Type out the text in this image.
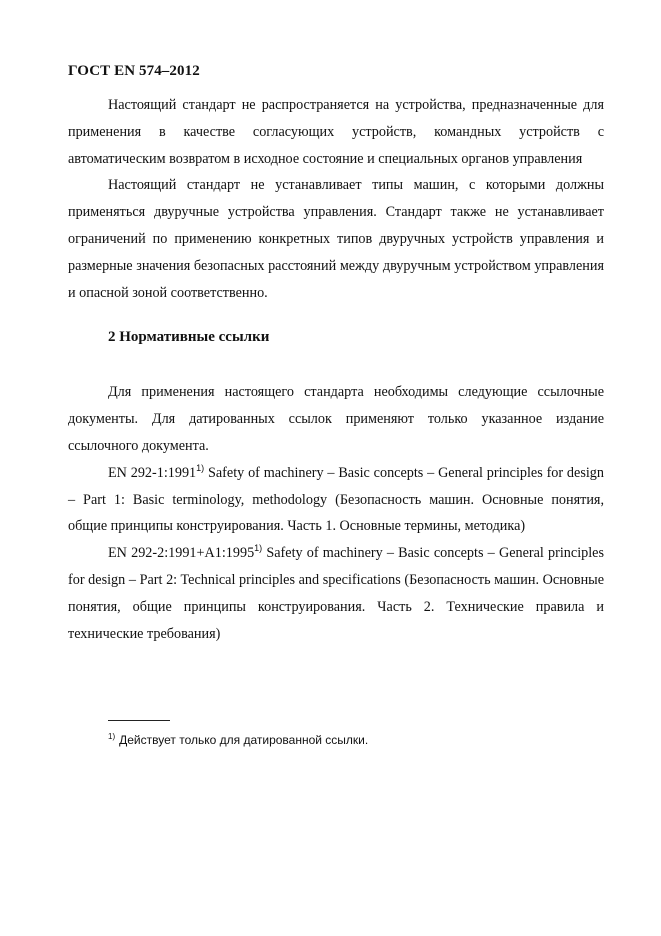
ГОСТ EN 574–2012

Настоящий стандарт не распространяется на устройства, предназначенные для применения в качестве согласующих устройств, командных устройств с автоматическим возвратом в исходное состояние и специальных органов управления

Настоящий стандарт не устанавливает типы машин, с которыми должны применяться двуручные устройства управления. Стандарт также не устанавливает ограничений по применению конкретных типов двуручных устройств управления и размерные значения безопасных расстояний между двуручным устройством управления и опасной зоной соответственно.

2 Нормативные ссылки

Для применения настоящего стандарта необходимы следующие ссылочные документы. Для датированных ссылок применяют только указанное издание ссылочного документа.

EN 292-1:1991$^{1)}$ Safety of machinery – Basic concepts – General principles for design – Part 1: Basic terminology, methodology (Безопасность машин. Основные понятия, общие принципы конструирования. Часть 1. Основные термины, методика)

EN $292-2:1991+A1:1995^{1)}$ Safety of machinery – Basic concepts – General principles for design – Part 2: Technical principles and specifications (Безопасность машин. Основные понятия, общие принципы конструирования. Часть 2. Технические правила и технические требования)

$^{1)}$ Действует только для датированной ссылки.
